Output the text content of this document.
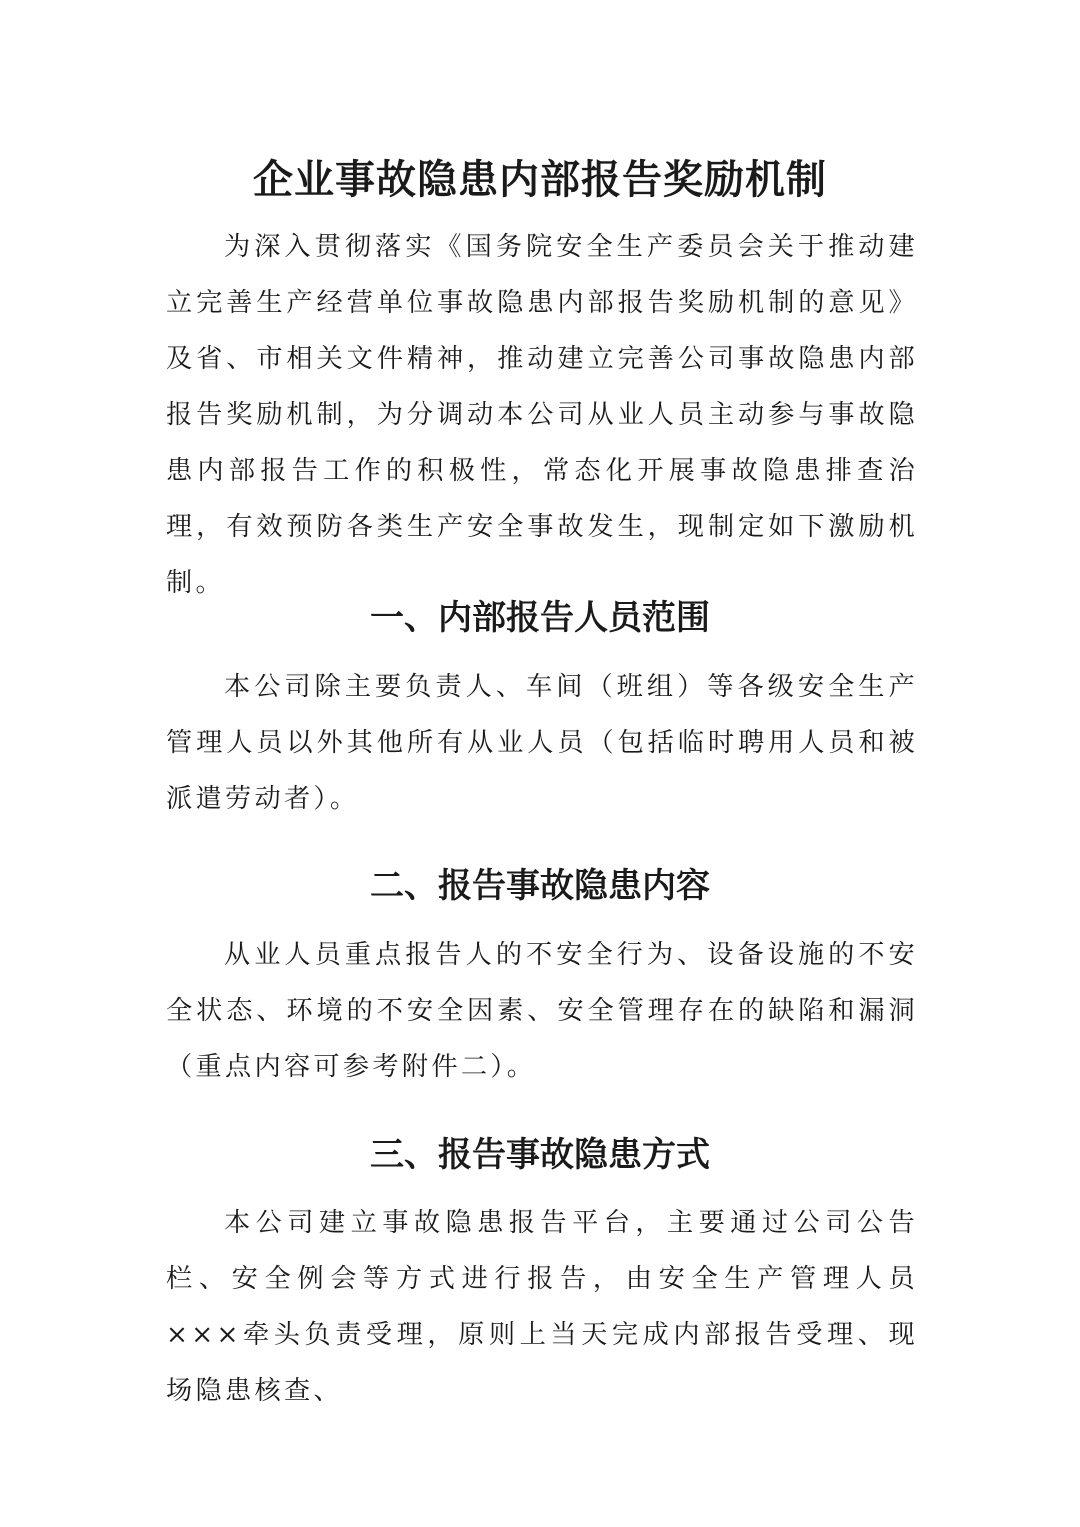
企业事故隐患内部报告奖励机制

为深入贯彻落实《国务院安全生产委员会关于推动建立完善生产经营单位事故隐患内部报告奖励机制的意见》及省、市相关文件精神，推动建立完善公司事故隐患内部报告奖励机制，为分调动本公司从业人员主动参与事故隐患内部报告工作的积极性，常态化开展事故隐患排查治理，有效预防各类生产安全事故发生，现制定如下激励机制。

一、内部报告人员范围

本公司除主要负责人、车间（班组）等各级安全生产管理人员以外其他所有从业人员（包括临时聘用人员和被派遣劳动者）。

二、报告事故隐患内容

从业人员重点报告人的不安全行为、设备设施的不安全状态、环境的不安全因素、安全管理存在的缺陷和漏洞（重点内容可参考附件二）。

三、报告事故隐患方式

本公司建立事故隐患报告平台，主要通过公司公告栏、安全例会等方式进行报告，由安全生产管理人员×××牵头负责受理，原则上当天完成内部报告受理、现场隐患核查、
